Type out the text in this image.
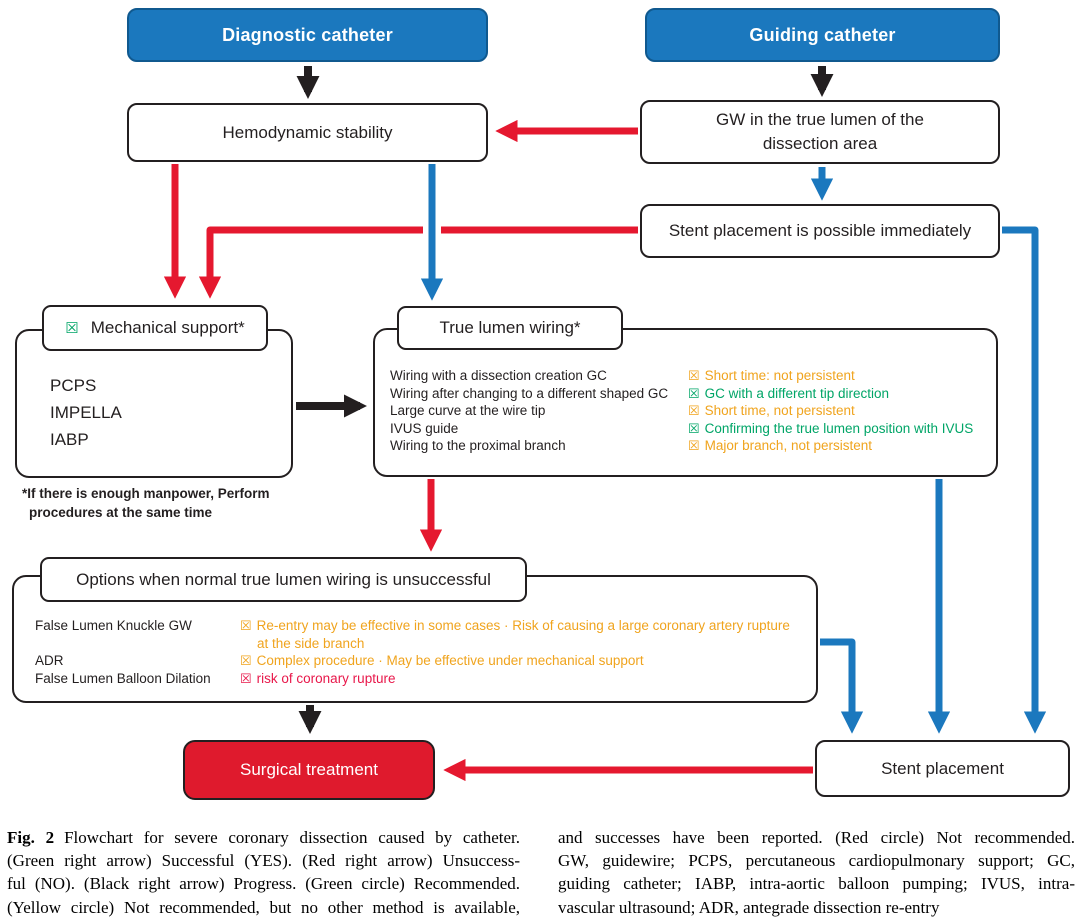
Diagnostic catheter	Guiding catheter
Hemodynamic stability
GW in the true lumen of the
dissection area
Stent placement is possible immediately
☒ Mechanical support*
PCPS
IMPELLA
IABP
*If there is enough manpower, Perform
procedures at the same time
True lumen wiring*
Wiring with a dissection creation GC	☒ Short time: not persistent
Wiring after changing to a different shaped GC	☒ GC with a different tip direction
Large curve at the wire tip	☒ Short time, not persistent
IVUS guide	☒ Confirming the true lumen position with IVUS
Wiring to the proximal branch	☒ Major branch, not persistent
Options when normal true lumen wiring is unsuccessful
False Lumen Knuckle GW	☒ Re-entry may be effective in some cases · Risk of causing a large coronary artery rupture
at the side branch
ADR	☒ Complex procedure · May be effective under mechanical support
False Lumen Balloon Dilation	☒ risk of coronary rupture
Surgical treatment	Stent placement
Fig. 2 Flowchart for severe coronary dissection caused by catheter.
(Green right arrow) Successful (YES). (Red right arrow) Unsuccess-
ful (NO). (Black right arrow) Progress. (Green circle) Recommended.
(Yellow circle) Not recommended, but no other method is available,
and successes have been reported. (Red circle) Not recommended.
GW, guidewire; PCPS, percutaneous cardiopulmonary support; GC,
guiding catheter; IABP, intra-aortic balloon pumping; IVUS, intra-
vascular ultrasound; ADR, antegrade dissection re-entry
